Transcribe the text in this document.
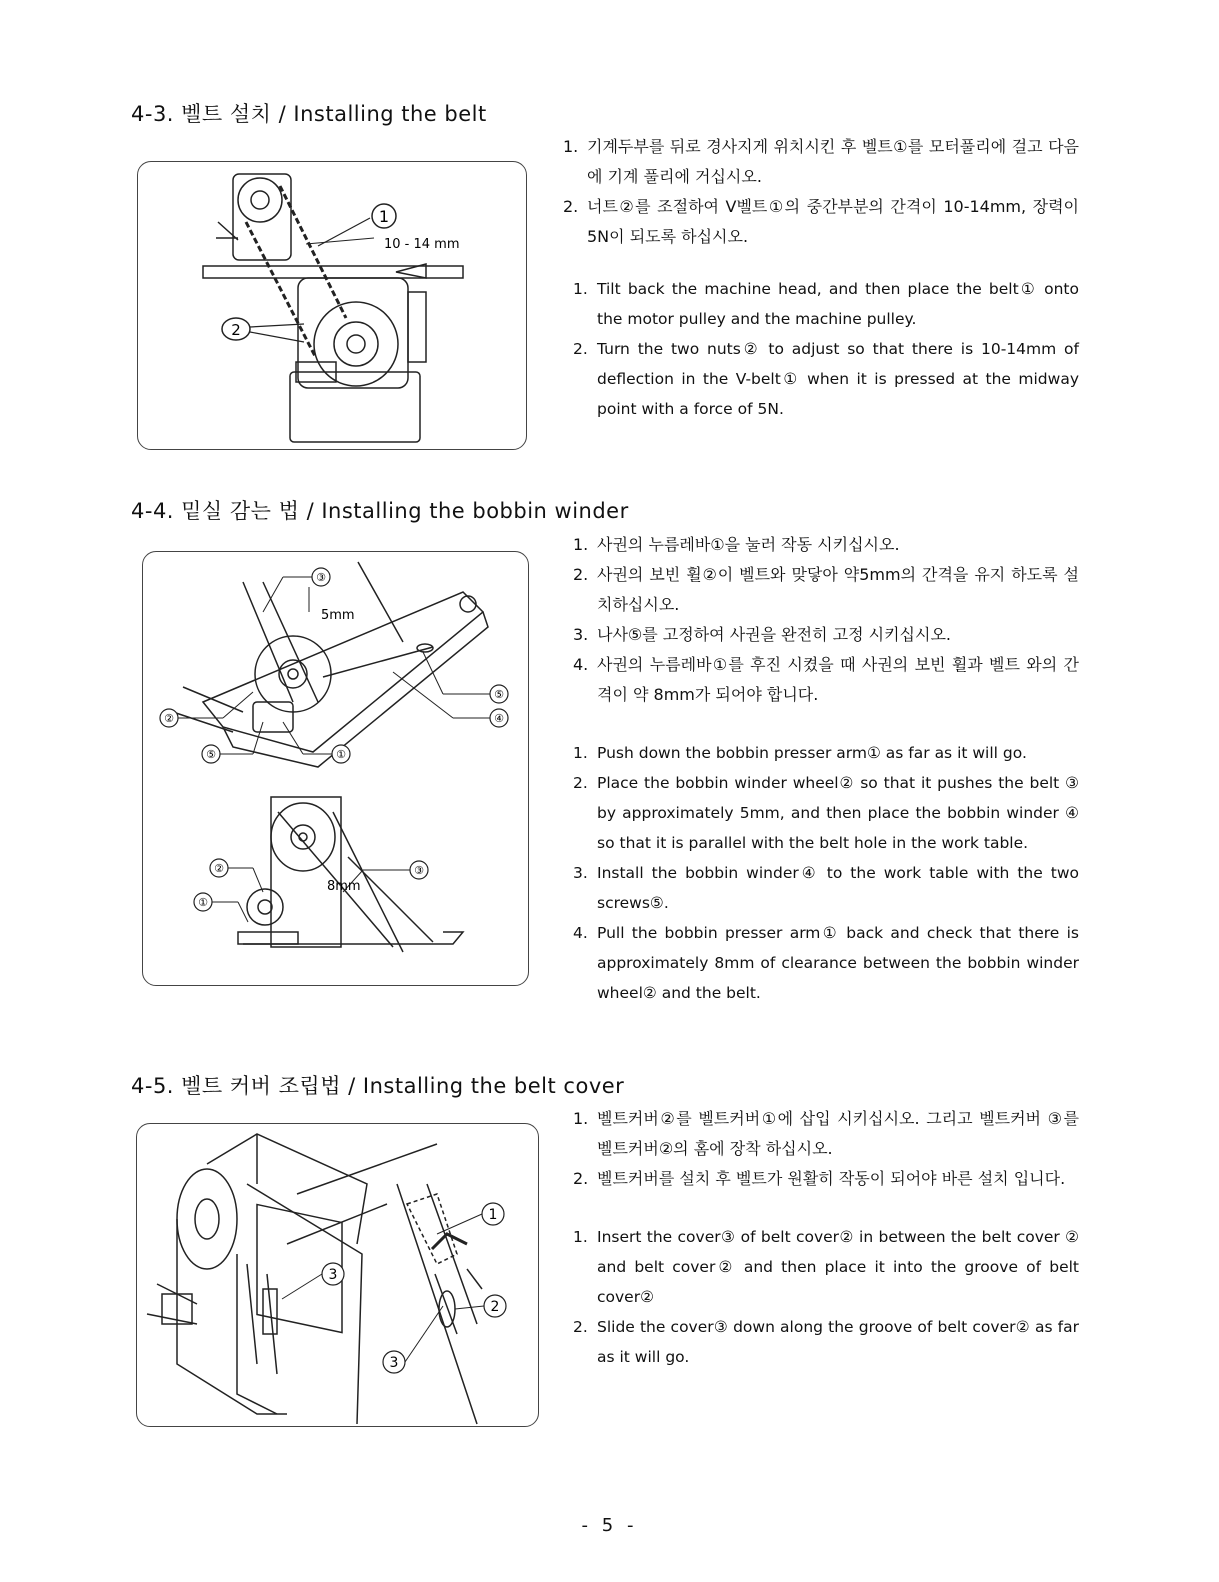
4-3. 벨트 설치 / Installing the belt
1
10 - 14 mm
2
1. 기계두부를 뒤로 경사지게 위치시킨 후 벨트①를 모터풀리에 걸고 다음에 기계 풀리에 거십시오.
2. 너트②를 조절하여 V벨트①의 중간부분의 간격이 10-14mm, 장력이 5N이 되도록 하십시오.
1. Tilt back the machine head, and then place the belt① onto the motor pulley and the machine pulley.
2. Turn the two nuts② to adjust so that there is 10-14mm of deflection in the V-belt① when it is pressed at the midway point with a force of 5N.
4-4. 밑실 감는 법 / Installing the bobbin winder
③
⑤
④
②
⑤	①
②
①
③
5mm
8mm
1. 사권의 누름레바①을 눌러 작동 시키십시오.
2. 사권의 보빈 휠②이 벨트와 맞닿아 약5mm의 간격을 유지 하도록 설치하십시오.
3. 나사⑤를 고정하여 사권을 완전히 고정 시키십시오.
4. 사권의 누름레바①를 후진 시켰을 때 사권의 보빈 휠과 벨트 와의 간격이 약 8mm가 되어야 합니다.
1. Push down the bobbin presser arm① as far as it will go.
2. Place the bobbin winder wheel② so that it pushes the belt ③ by approximately 5mm, and then place the bobbin winder ④ so that it is parallel with the belt hole in the work table.
3. Install the bobbin winder④ to the work table with the two screws⑤.
4. Pull the bobbin presser arm① back and check that there is approximately 8mm of clearance between the bobbin winder wheel② and the belt.
4-5. 벨트 커버 조립법 / Installing the belt cover
1
2
3
3
1. 벨트커버②를 벨트커버①에 삽입 시키십시오. 그리고 벨트커버 ③를 벨트커버②의 홈에 장착 하십시오.
2. 벨트커버를 설치 후 벨트가 원활히 작동이 되어야 바른 설치 입니다.
1. Insert the cover③ of belt cover② in between the belt cover ② and belt cover② and then place it into the groove of belt cover②
2. Slide the cover③ down along the groove of belt cover② as far as it will go.
- 5 -
